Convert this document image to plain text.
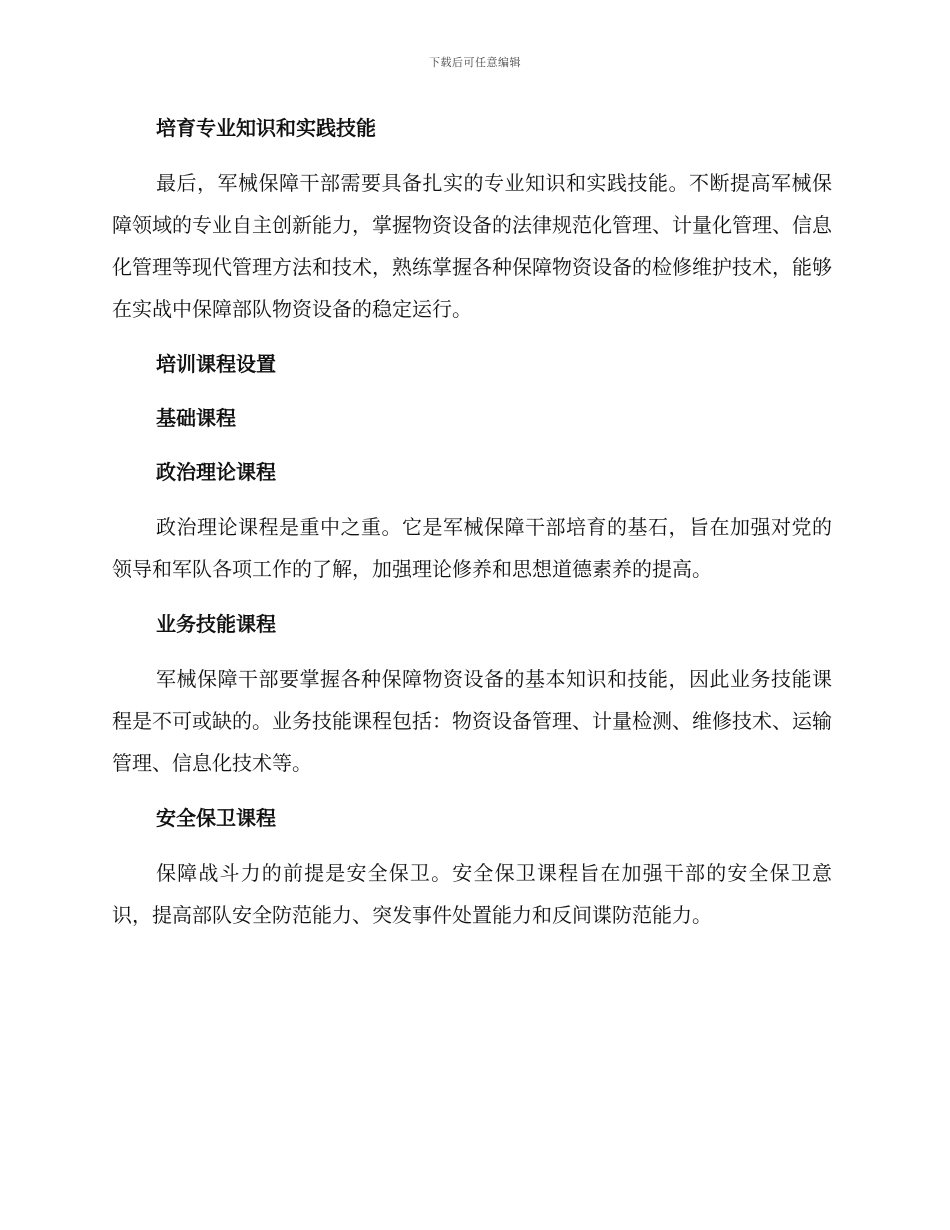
下载后可任意编辑
培育专业知识和实践技能

最后，军械保障干部需要具备扎实的专业知识和实践技能。不断提高军械保障领域的专业自主创新能力，掌握物资设备的法律规范化管理、计量化管理、信息化管理等现代管理方法和技术，熟练掌握各种保障物资设备的检修维护技术，能够在实战中保障部队物资设备的稳定运行。

培训课程设置
基础课程
政治理论课程

政治理论课程是重中之重。它是军械保障干部培育的基石，旨在加强对党的领导和军队各项工作的了解，加强理论修养和思想道德素养的提高。

业务技能课程

军械保障干部要掌握各种保障物资设备的基本知识和技能，因此业务技能课程是不可或缺的。业务技能课程包括：物资设备管理、计量检测、维修技术、运输管理、信息化技术等。

安全保卫课程

保障战斗力的前提是安全保卫。安全保卫课程旨在加强干部的安全保卫意识，提高部队安全防范能力、突发事件处置能力和反间谍防范能力。
